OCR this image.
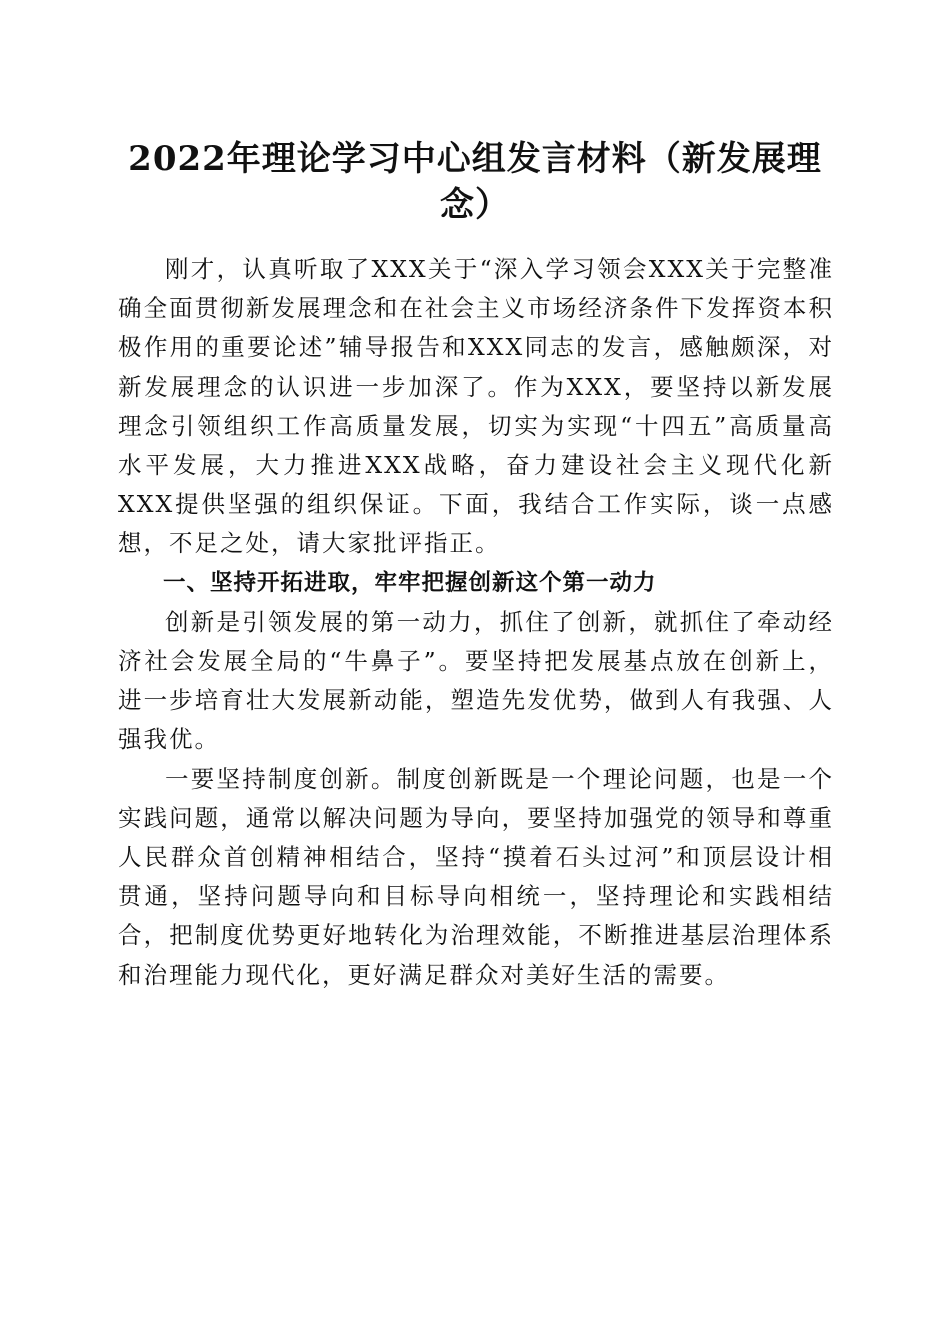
2022年理论学习中心组发言材料（新发展理念）

刚才，认真听取了XXX关于“深入学习领会XXX关于完整准确全面贯彻新发展理念和在社会主义市场经济条件下发挥资本积极作用的重要论述”辅导报告和XXX同志的发言，感触颇深，对新发展理念的认识进一步加深了。作为XXX，要坚持以新发展理念引领组织工作高质量发展，切实为实现“十四五”高质量高水平发展，大力推进XXX战略，奋力建设社会主义现代化新XXX提供坚强的组织保证。下面，我结合工作实际，谈一点感想，不足之处，请大家批评指正。

一、坚持开拓进取，牢牢把握创新这个第一动力

创新是引领发展的第一动力，抓住了创新，就抓住了牵动经济社会发展全局的“牛鼻子”。要坚持把发展基点放在创新上，进一步培育壮大发展新动能，塑造先发优势，做到人有我强、人强我优。

一要坚持制度创新。制度创新既是一个理论问题，也是一个实践问题，通常以解决问题为导向，要坚持加强党的领导和尊重人民群众首创精神相结合，坚持“摸着石头过河”和顶层设计相贯通，坚持问题导向和目标导向相统一，坚持理论和实践相结合，把制度优势更好地转化为治理效能，不断推进基层治理体系和治理能力现代化，更好满足群众对美好生活的需要。
